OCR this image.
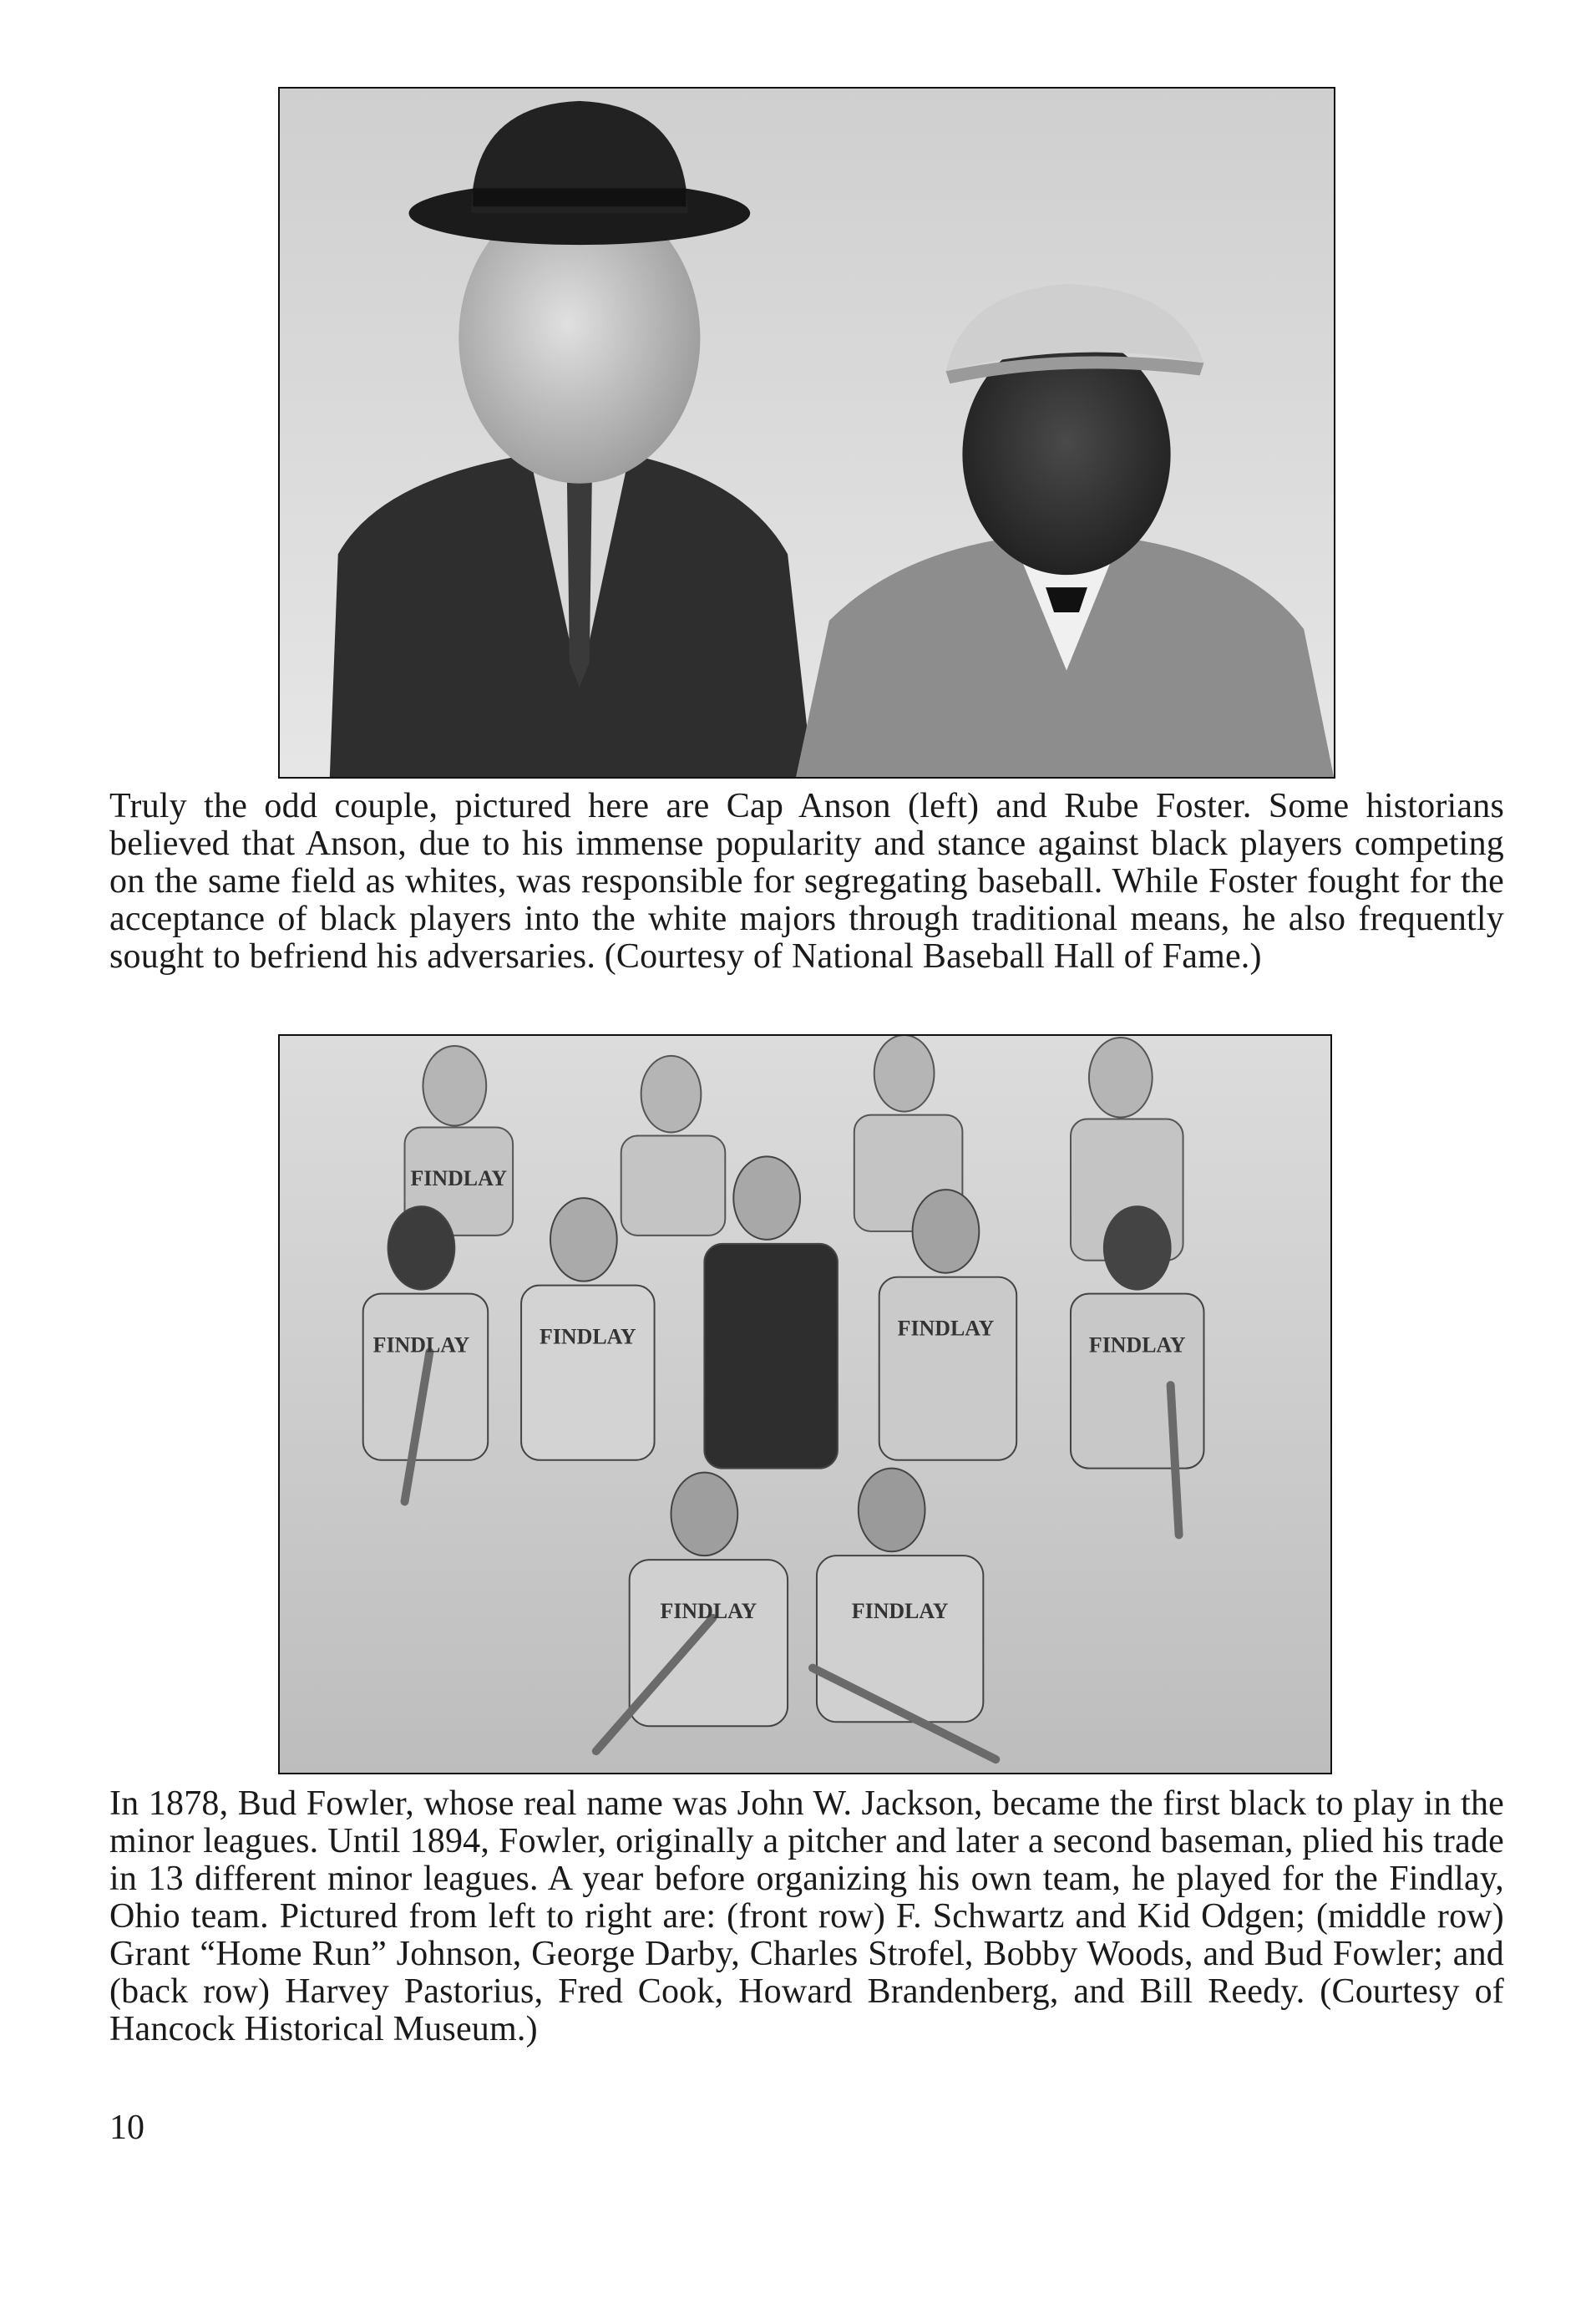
Truly the odd couple, pictured here are Cap Anson (left) and Rube Foster. Some historians believed that Anson, due to his immense popularity and stance against black players competing on the same field as whites, was responsible for segregating baseball. While Foster fought for the acceptance of black players into the white majors through traditional means, he also frequently sought to befriend his adversaries. (Courtesy of National Baseball Hall of Fame.)

FINDLAY
FINDLAY	FINDLAY	FINDLAY
FINDLAY
FINDLAY	FINDLAY

In 1878, Bud Fowler, whose real name was John W. Jackson, became the first black to play in the minor leagues. Until 1894, Fowler, originally a pitcher and later a second baseman, plied his trade in 13 different minor leagues. A year before organizing his own team, he played for the Findlay, Ohio team. Pictured from left to right are: (front row) F. Schwartz and Kid Odgen; (middle row) Grant “Home Run” Johnson, George Darby, Charles Strofel, Bobby Woods, and Bud Fowler; and (back row) Harvey Pastorius, Fred Cook, Howard Brandenberg, and Bill Reedy. (Courtesy of Hancock Historical Museum.)

10
